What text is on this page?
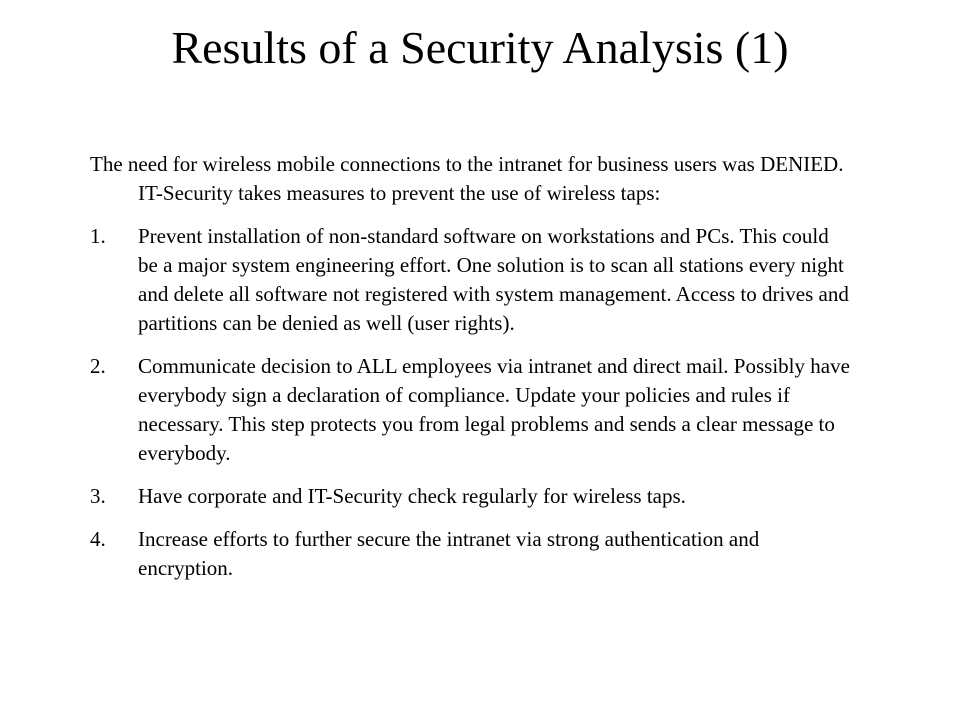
Results of a Security Analysis (1)

The need for wireless mobile connections to the intranet for business users was DENIED. IT-Security takes measures to prevent the use of wireless taps:

1.	Prevent installation of non-standard software on workstations and PCs. This could be a major system engineering effort. One solution is to scan all stations every night and delete all software not registered with system management. Access to drives and partitions can be denied as well (user rights).
2.	Communicate decision to ALL employees via intranet and direct mail. Possibly have everybody sign a declaration of compliance. Update your policies and rules if necessary. This step protects you from legal problems and sends a clear message to everybody.
3.	Have corporate and IT-Security check regularly for wireless taps.
4.	Increase efforts to further secure the intranet via strong authentication and encryption.
